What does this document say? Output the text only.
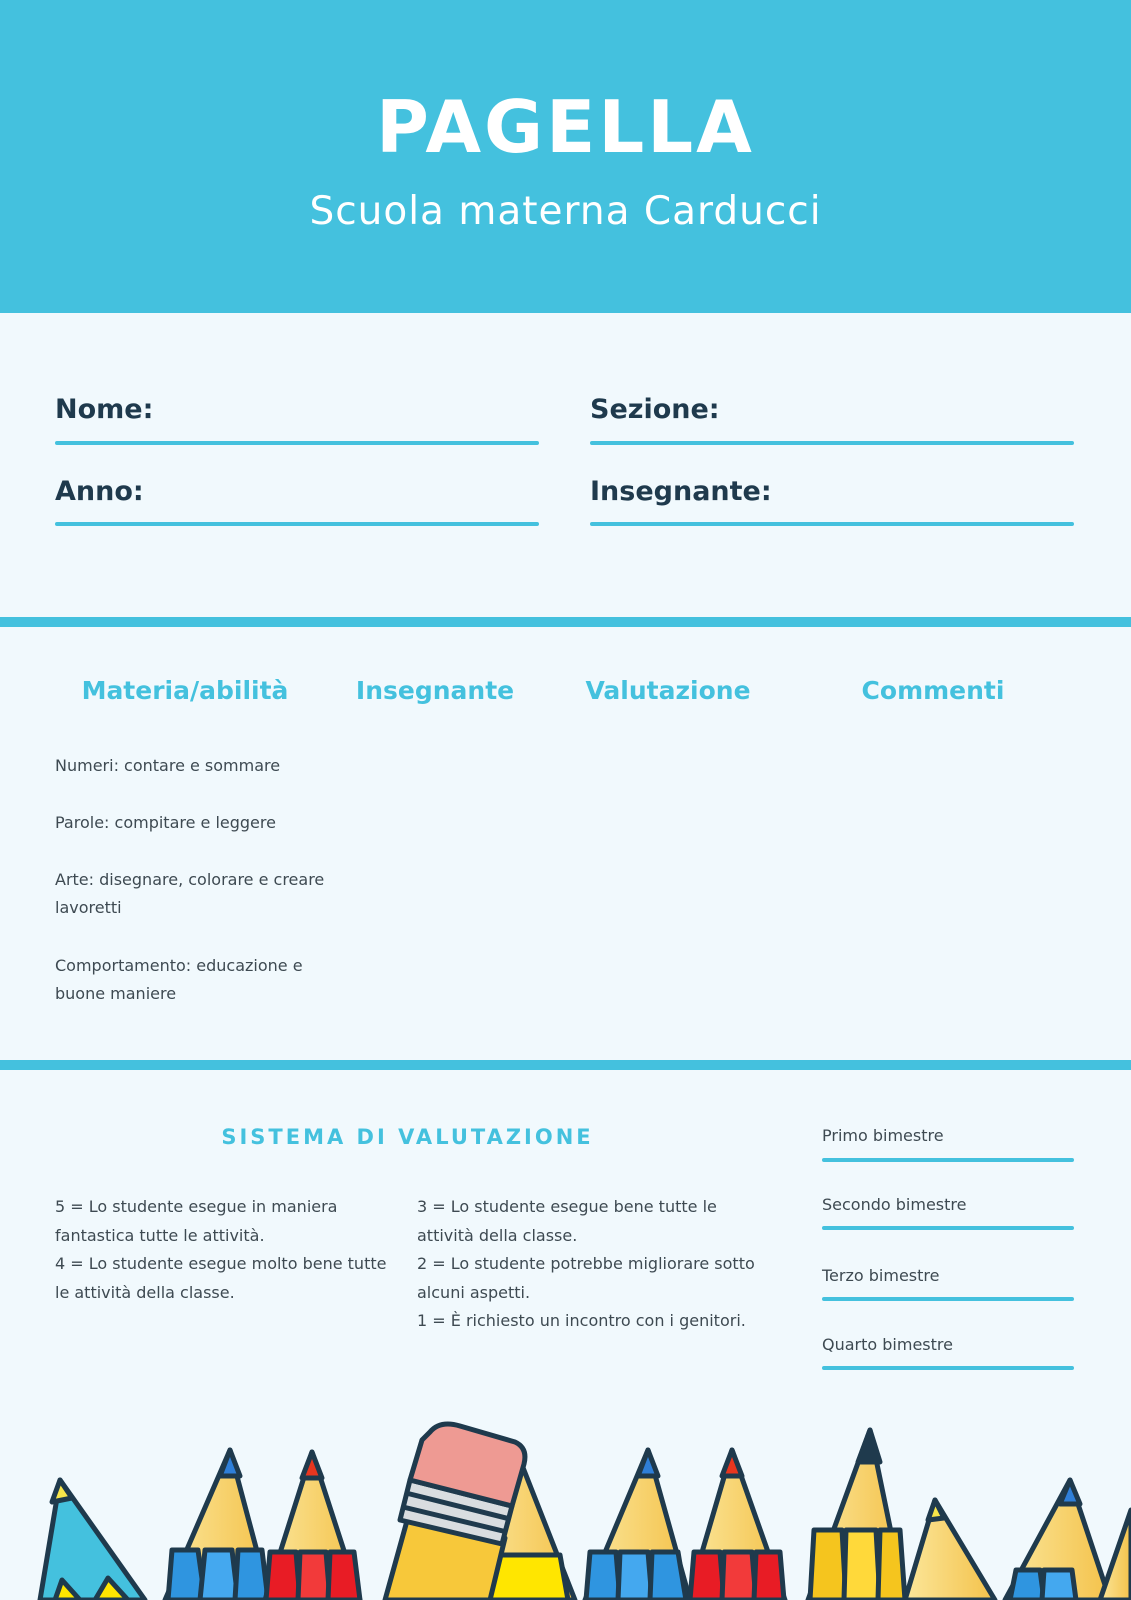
PAGELLA
Scuola materna Carducci
Nome:	Sezione:
Anno:	Insegnante:
Materia/abilità	Insegnante	Valutazione	Commenti
Numeri: contare e sommare
Parole: compitare e leggere
Arte: disegnare, colorare e creare lavoretti
Comportamento: educazione e buone maniere
SISTEMA DI VALUTAZIONE
5 = Lo studente esegue in maniera fantastica tutte le attività.
4 = Lo studente esegue molto bene tutte le attività della classe.
3 = Lo studente esegue bene tutte le attività della classe.
2 = Lo studente potrebbe migliorare sotto alcuni aspetti.
1 = È richiesto un incontro con i genitori.
Primo bimestre
Secondo bimestre
Terzo bimestre
Quarto bimestre
